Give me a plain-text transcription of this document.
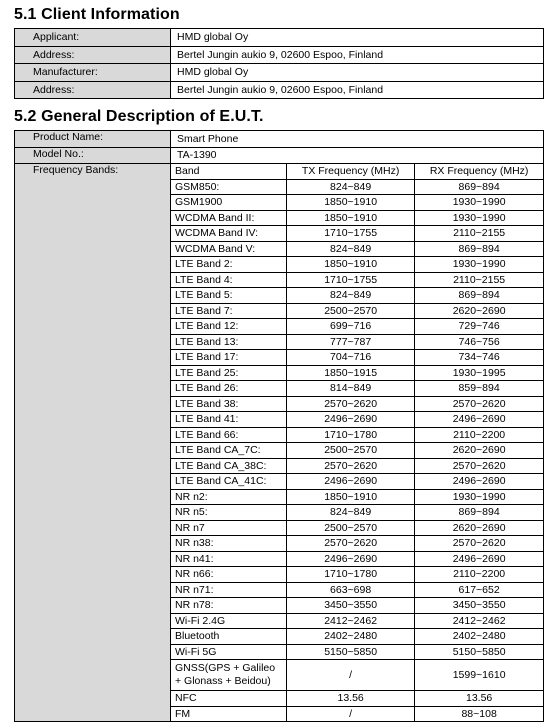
5.1 Client Information
Applicant:	HMD global Oy
Address:	Bertel Jungin aukio 9, 02600 Espoo, Finland
Manufacturer:	HMD global Oy
Address:	Bertel Jungin aukio 9, 02600 Espoo, Finland
5.2 General Description of E.U.T.
Product Name:	Smart Phone
Model No.:	TA-1390
Frequency Bands:		Band	TX Frequency (MHz)	RX Frequency (MHz)
GSM850:	824~849	869~894
GSM1900	1850~1910	1930~1990
WCDMA Band II:	1850~1910	1930~1990
WCDMA Band IV:	1710~1755	2110~2155
WCDMA Band V:	824~849	869~894
LTE Band 2:	1850~1910	1930~1990
LTE Band 4:	1710~1755	2110~2155
LTE Band 5:	824~849	869~894
LTE Band 7:	2500~2570	2620~2690
LTE Band 12:	699~716	729~746
LTE Band 13:	777~787	746~756
LTE Band 17:	704~716	734~746
LTE Band 25:	1850~1915	1930~1995
LTE Band 26:	814~849	859~894
LTE Band 38:	2570~2620	2570~2620
LTE Band 41:	2496~2690	2496~2690
LTE Band 66:	1710~1780	2110~2200
LTE Band CA_7C:	2500~2570	2620~2690
LTE Band CA_38C:	2570~2620	2570~2620
LTE Band CA_41C:	2496~2690	2496~2690
NR n2:	1850~1910	1930~1990
NR n5:	824~849	869~894
NR n7	2500~2570	2620~2690
NR n38:	2570~2620	2570~2620
NR n41:	2496~2690	2496~2690
NR n66:	1710~1780	2110~2200
NR n71:	663~698	617~652
NR n78:	3450~3550	3450~3550
Wi-Fi 2.4G	2412~2462	2412~2462
Bluetooth	2402~2480	2402~2480
Wi-Fi 5G	5150~5850	5150~5850
GNSS(GPS + Galileo + Glonass + Beidou)	/	1599~1610
NFC	13.56	13.56
FM	/	88~108
